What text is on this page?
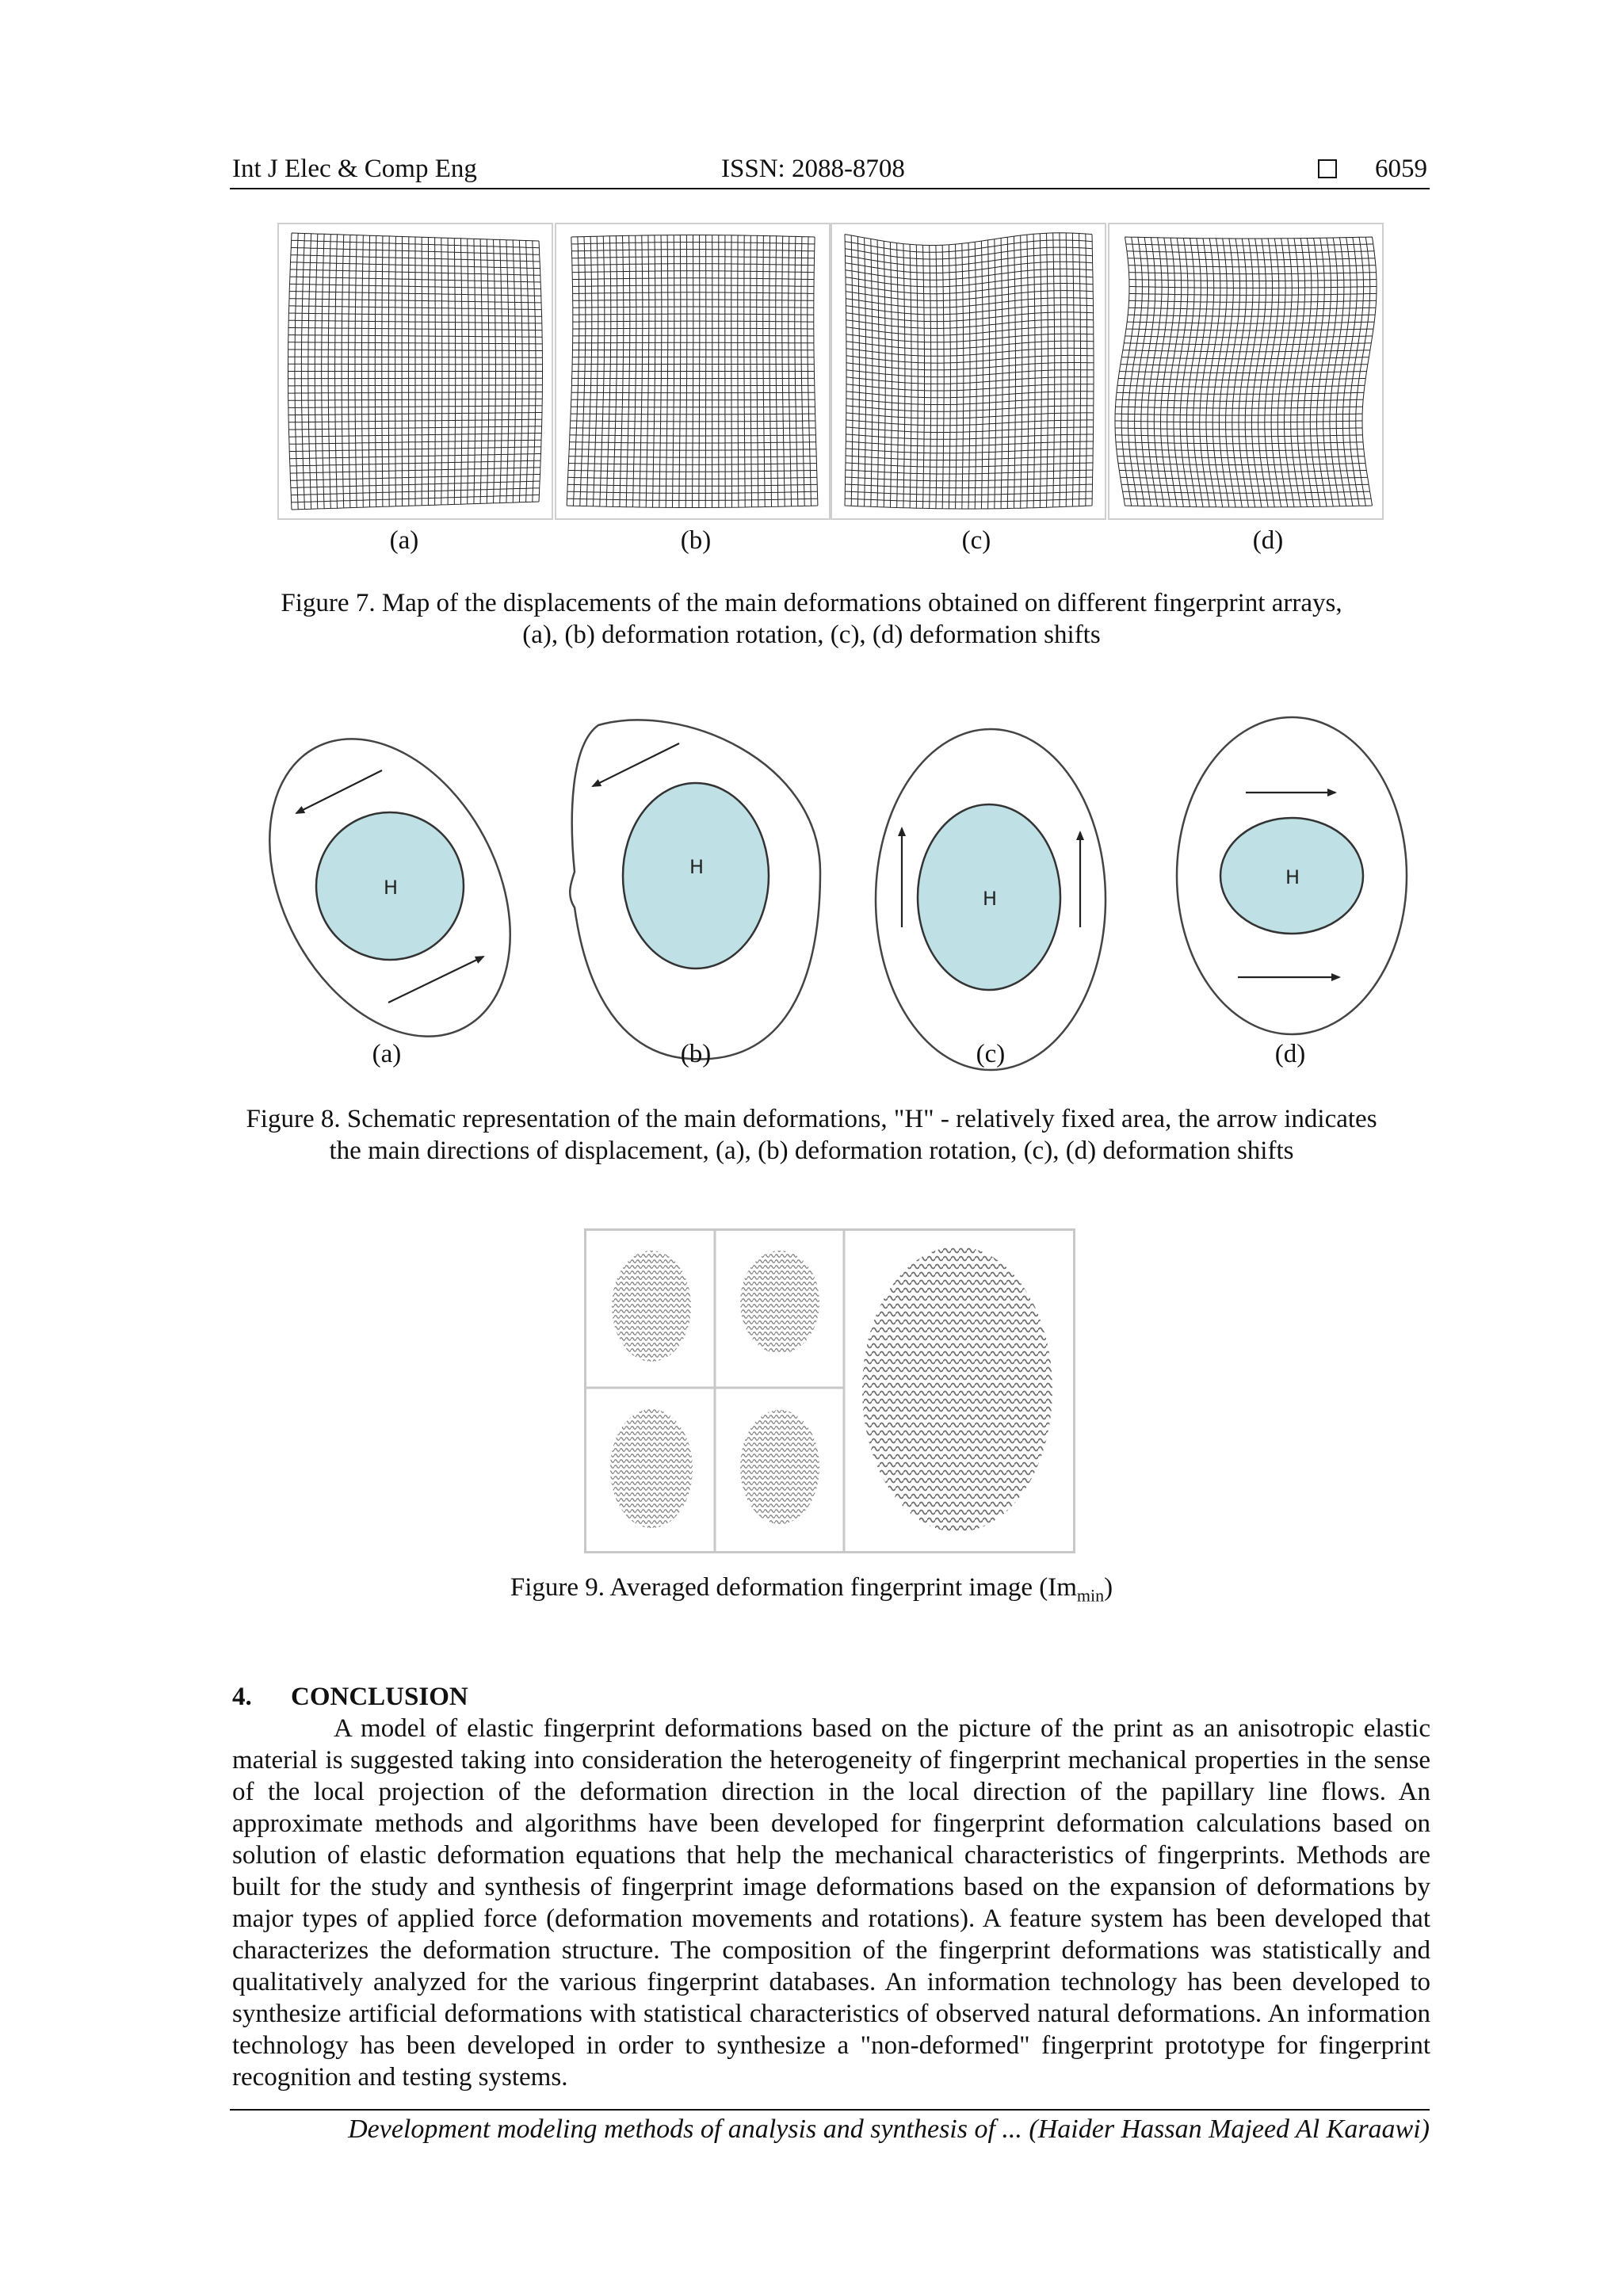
Int J Elec & Comp Eng	ISSN: 2088-8708	6059
(a)	(b)	(c)	(d)
Figure 7. Map of the displacements of the main deformations obtained on different fingerprint arrays,
(a), (b) deformation rotation, (c), (d) deformation shifts
H
H
H
H
(a)	(b)	(c)	(d)
Figure 8. Schematic representation of the main deformations, "H" - relatively fixed area, the arrow indicates
the main directions of displacement, (a), (b) deformation rotation, (c), (d) deformation shifts
Figure 9. Averaged deformation fingerprint image $(Im_{min})$
4. CONCLUSION

A model of elastic fingerprint deformations based on the picture of the print as an anisotropic elastic material is suggested taking into consideration the heterogeneity of fingerprint mechanical properties in the sense of the local projection of the deformation direction in the local direction of the papillary line flows. An approximate methods and algorithms have been developed for fingerprint deformation calculations based on solution of elastic deformation equations that help the mechanical characteristics of fingerprints. Methods are built for the study and synthesis of fingerprint image deformations based on the expansion of deformations by major types of applied force (deformation movements and rotations). A feature system has been developed that characterizes the deformation structure. The composition of the fingerprint deformations was statistically and qualitatively analyzed for the various fingerprint databases. An information technology has been developed to synthesize artificial deformations with statistical characteristics of observed natural deformations. An information technology has been developed in order to synthesize a "non-deformed" fingerprint prototype for fingerprint recognition and testing systems.

Development modeling methods of analysis and synthesis of ... (Haider Hassan Majeed Al Karaawi)
